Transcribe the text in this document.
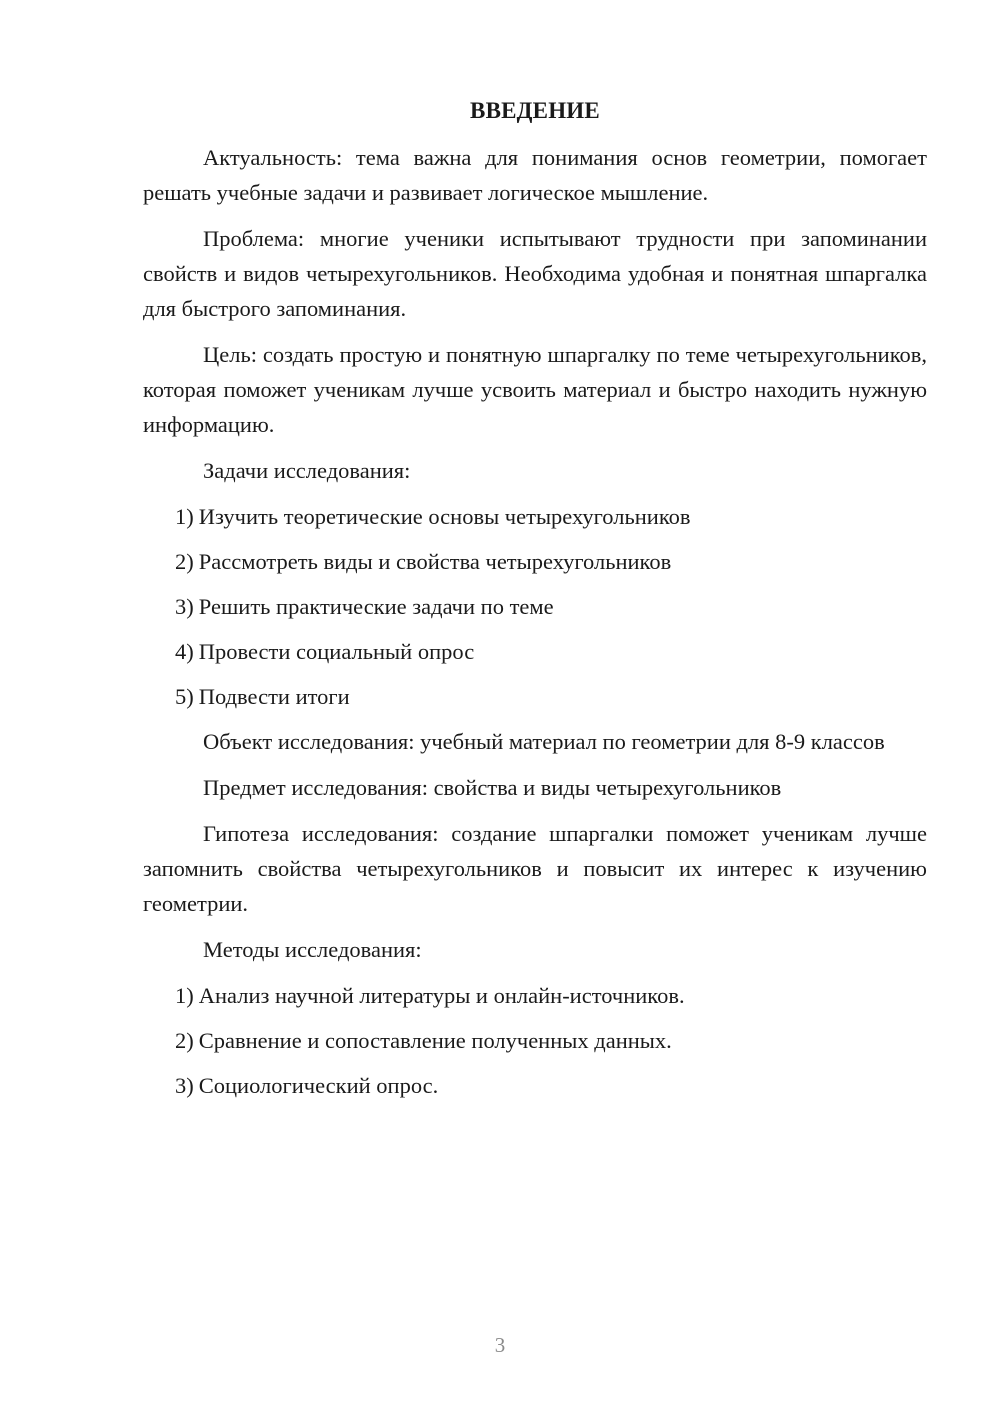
ВВЕДЕНИЕ

Актуальность: тема важна для понимания основ геометрии, помогает решать учебные задачи и развивает логическое мышление.

Проблема: многие ученики испытывают трудности при запоминании свойств и видов четырехугольников. Необходима удобная и понятная шпаргалка для быстрого запоминания.

Цель: создать простую и понятную шпаргалку по теме четырехугольников, которая поможет ученикам лучше усвоить материал и быстро находить нужную информацию.

Задачи исследования:

1) Изучить теоретические основы четырехугольников
2) Рассмотреть виды и свойства четырехугольников
3) Решить практические задачи по теме
4) Провести социальный опрос
5) Подвести итоги

Объект исследования: учебный материал по геометрии для 8-9 классов

Предмет исследования: свойства и виды четырехугольников

Гипотеза исследования: создание шпаргалки поможет ученикам лучше запомнить свойства четырехугольников и повысит их интерес к изучению геометрии.

Методы исследования:

1) Анализ научной литературы и онлайн-источников.
2) Сравнение и сопоставление полученных данных.
3) Социологический опрос.
3
